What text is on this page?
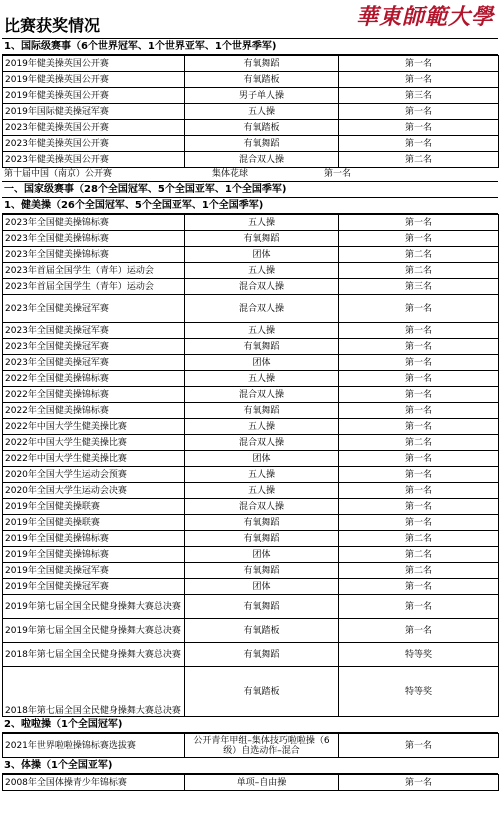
比赛获奖情况	華東師範大學
1、国际级赛事（6个世界冠军、1个世界亚军、1个世界季军)
2019年健美操英国公开赛	有氧舞蹈	第一名
2019年健美操英国公开赛	有氧踏板	第一名
2019年健美操英国公开赛	男子单人操	第三名
2019年国际健美操冠军赛	五人操	第一名
2023年健美操英国公开赛	有氧踏板	第一名
2023年健美操英国公开赛	有氧舞蹈	第一名
2023年健美操英国公开赛	混合双人操	第二名
第十届中国（南京）公开赛	集体花球	第一名
一、国家级赛事（28个全国冠军、5个全国亚军、1个全国季军)
1、健美操（26个全国冠军、5个全国亚军、1个全国季军)
2023年全国健美操锦标赛	五人操	第一名
2023年全国健美操锦标赛	有氧舞蹈	第一名
2023年全国健美操锦标赛	团体	第二名
2023年首届全国学生（青年）运动会	五人操	第二名
2023年首届全国学生（青年）运动会	混合双人操	第三名
2023年全国健美操冠军赛	混合双人操	第一名
2023年全国健美操冠军赛	五人操	第一名
2023年全国健美操冠军赛	有氧舞蹈	第一名
2023年全国健美操冠军赛	团体	第一名
2022年全国健美操锦标赛	五人操	第一名
2022年全国健美操锦标赛	混合双人操	第一名
2022年全国健美操锦标赛	有氧舞蹈	第一名
2022年中国大学生健美操比赛	五人操	第一名
2022年中国大学生健美操比赛	混合双人操	第二名
2022年中国大学生健美操比赛	团体	第一名
2020年全国大学生运动会预赛	五人操	第一名
2020年全国大学生运动会决赛	五人操	第一名
2019年全国健美操联赛	混合双人操	第一名
2019年全国健美操联赛	有氧舞蹈	第一名
2019年全国健美操锦标赛	有氧舞蹈	第二名
2019年全国健美操锦标赛	团体	第二名
2019年全国健美操冠军赛	有氧舞蹈	第二名
2019年全国健美操冠军赛	团体	第一名
2019年第七届全国全民健身操舞大赛总决赛	有氧舞蹈	第一名
2019年第七届全国全民健身操舞大赛总决赛	有氧踏板	第一名
2018年第七届全国全民健身操舞大赛总决赛	有氧舞蹈	特等奖
2018年第七届全国全民健身操舞大赛总决赛	有氧踏板	特等奖
2、啦啦操（1个全国冠军)
2021年世界啦啦操锦标赛选拔赛	公开青年甲组–集体技巧啦啦操（6级）自选动作–混合	第一名
3、体操（1个全国亚军)
2008年全国体操青少年锦标赛	单项–自由操	第一名
